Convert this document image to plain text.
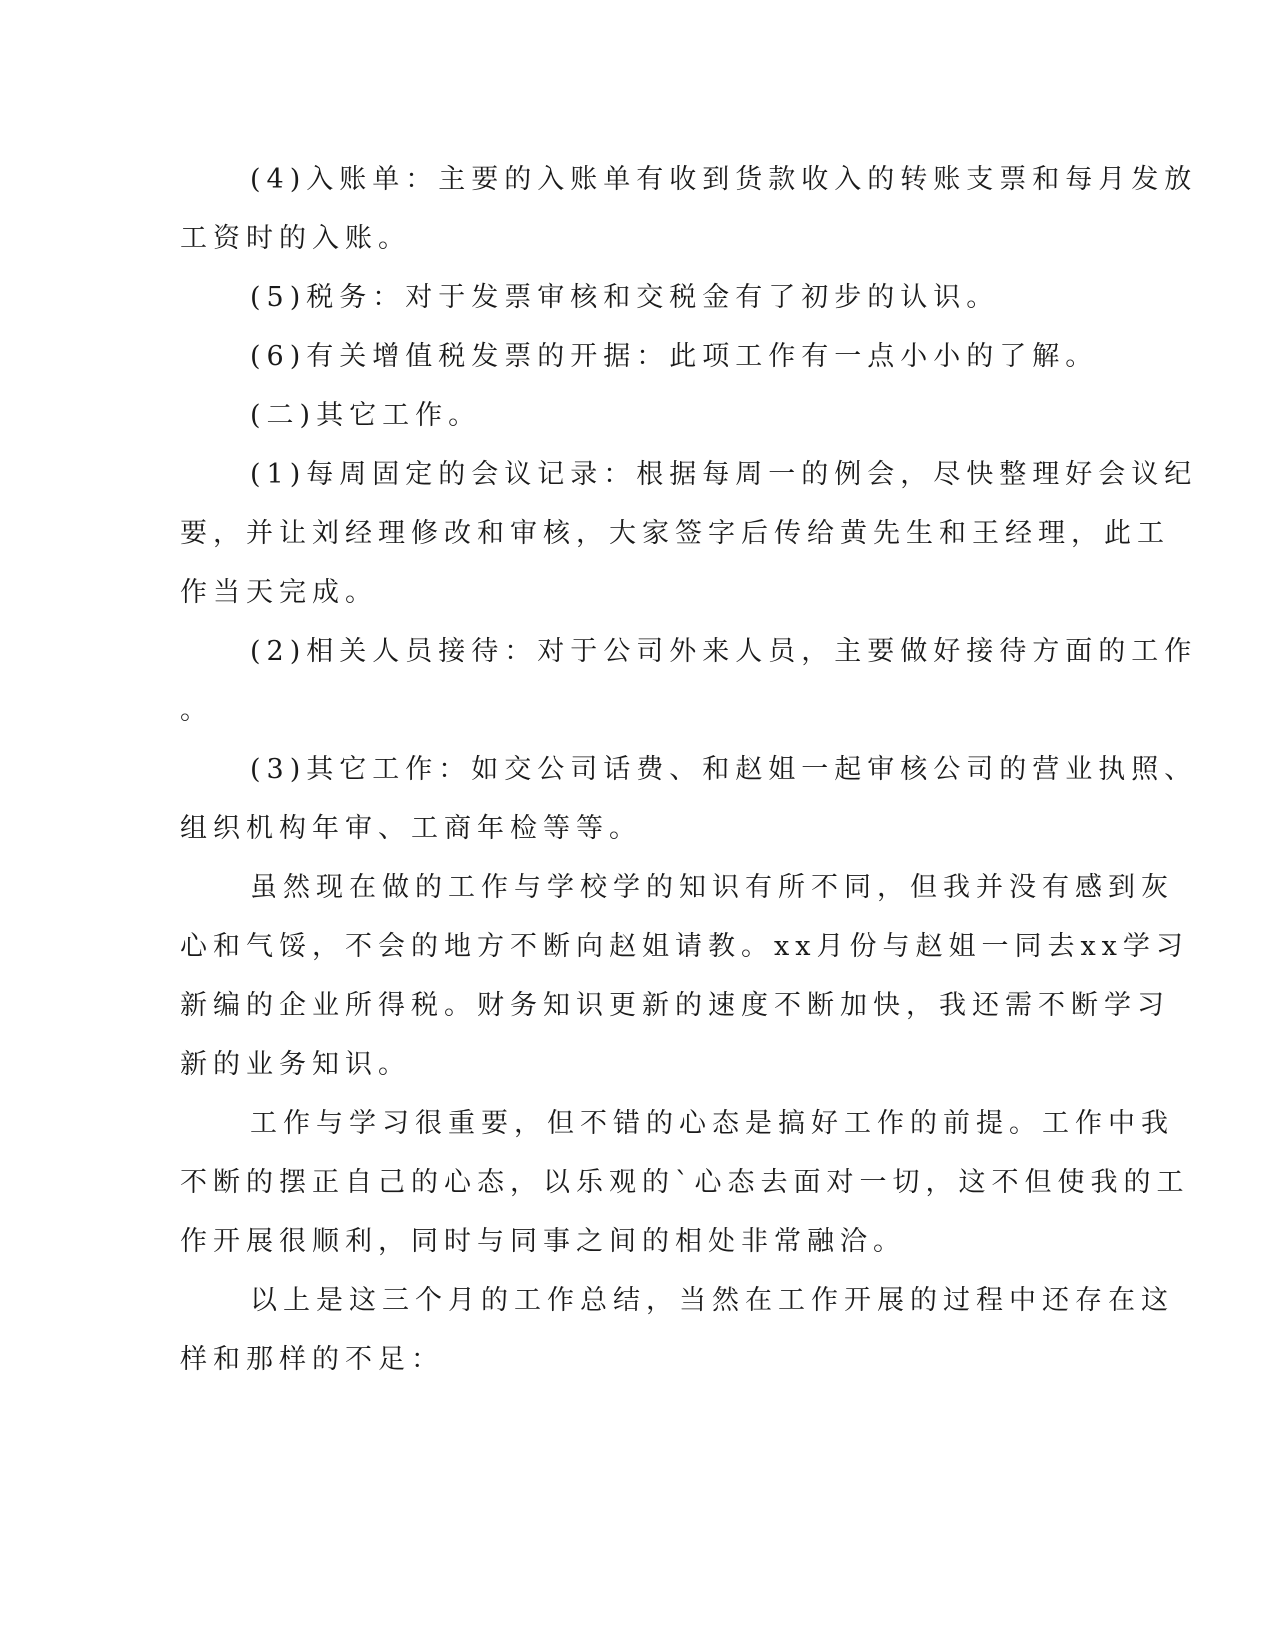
(4)入账单：主要的入账单有收到货款收入的转账支票和每月发放
工资时的入账。
(5)税务：对于发票审核和交税金有了初步的认识。
(6)有关增值税发票的开据：此项工作有一点小小的了解。
(二)其它工作。
(1)每周固定的会议记录：根据每周一的例会，尽快整理好会议纪
要，并让刘经理修改和审核，大家签字后传给黄先生和王经理，此工
作当天完成。
(2)相关人员接待：对于公司外来人员，主要做好接待方面的工作
。
(3)其它工作：如交公司话费、和赵姐一起审核公司的营业执照、
组织机构年审、工商年检等等。
虽然现在做的工作与学校学的知识有所不同，但我并没有感到灰
心和气馁，不会的地方不断向赵姐请教。xx月份与赵姐一同去xx学习
新编的企业所得税。财务知识更新的速度不断加快，我还需不断学习
新的业务知识。
工作与学习很重要，但不错的心态是搞好工作的前提。工作中我
不断的摆正自己的心态，以乐观的`心态去面对一切，这不但使我的工
作开展很顺利，同时与同事之间的相处非常融洽。
以上是这三个月的工作总结，当然在工作开展的过程中还存在这
样和那样的不足：
